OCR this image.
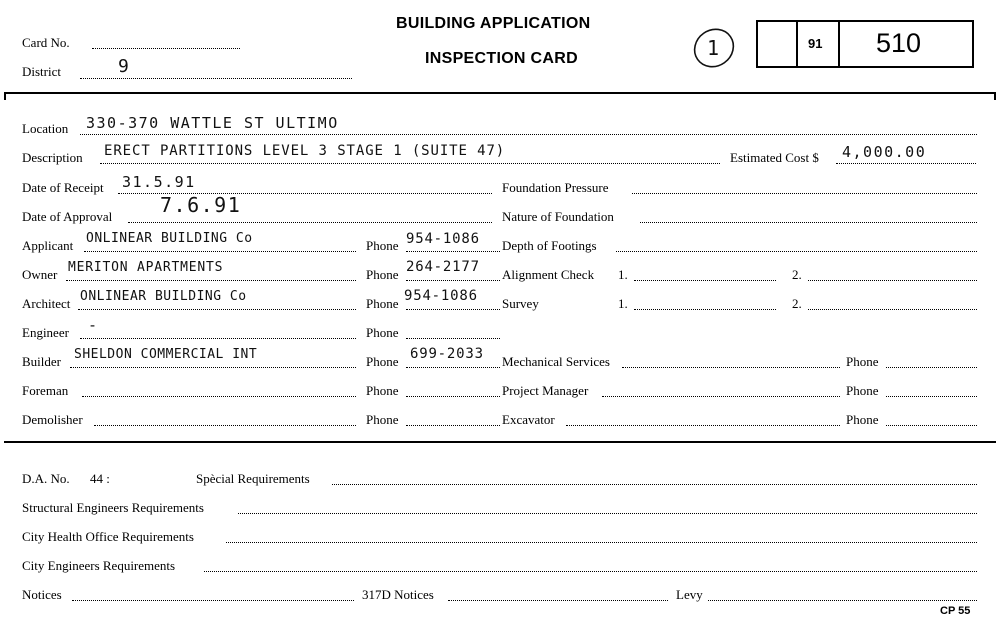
Card No.
District	9
BUILDING APPLICATION
INSPECTION CARD	1	91 510
Location 330-370 WATTLE ST ULTIMO
Description ERECT PARTITIONS LEVEL 3 STAGE 1 (SUITE 47)	Estimated Cost $ 4,000.00
Date of Receipt 31.5.91
Date of Approval 7.6.91
Applicant ONLINEAR BUILDING Co	Phone 954-1086
Owner MERITON APARTMENTS	Phone 264-2177
Architect ONLINEAR BUILDING Co	Phone 954-1086
Engineer -	Phone
Builder SHELDON COMMERCIAL INT	Phone 699-2033
Foreman	Phone
Demolisher	Phone
Foundation Pressure
Nature of Foundation
Depth of Footings
Alignment Check 1.	2.
Survey	1.	2.
Mechanical Services	Phone
Project Manager	Phone
Excavator	Phone
D.A. No. 44 :	Spècial Requirements
Structural Engineers Requirements
City Health Office Requirements
City Engineers Requirements
Notices	317D Notices	Levy
CP 55
